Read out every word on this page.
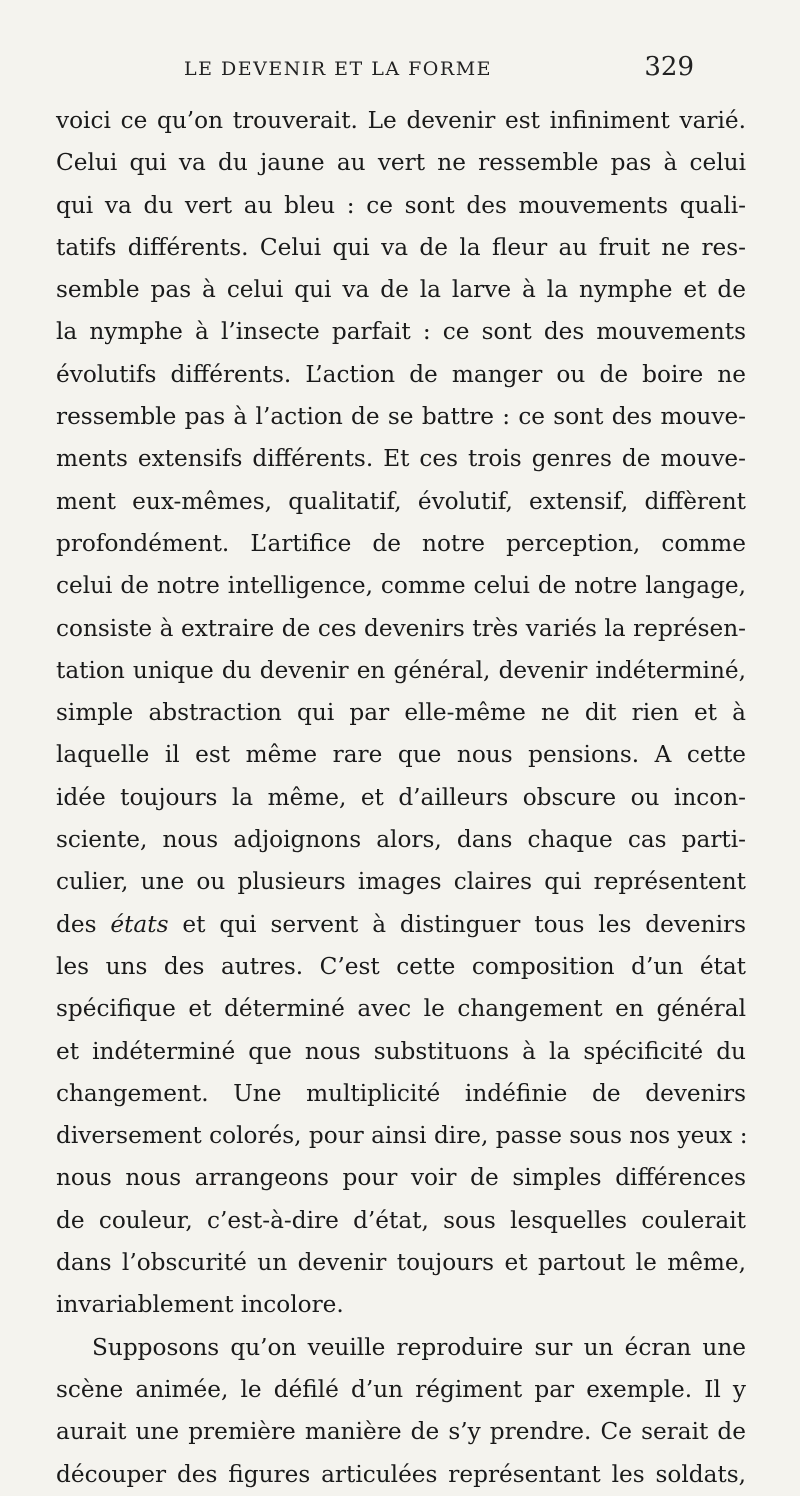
LE DEVENIR ET LA FORME	329
voici ce qu’on trouverait. Le devenir est infiniment varié.
Celui qui va du jaune au vert ne ressemble pas à celui
qui va du vert au bleu : ce sont des mouvements quali-
tatifs différents. Celui qui va de la fleur au fruit ne res-
semble pas à celui qui va de la larve à la nymphe et de
la nymphe à l’insecte parfait : ce sont des mouvements
évolutifs différents. L’action de manger ou de boire ne
ressemble pas à l’action de se battre : ce sont des mouve-
ments extensifs différents. Et ces trois genres de mouve-
ment eux-mêmes, qualitatif, évolutif, extensif, diffèrent
profondément. L’artifice de notre perception, comme
celui de notre intelligence, comme celui de notre langage,
consiste à extraire de ces devenirs très variés la représen-
tation unique du devenir en général, devenir indéterminé,
simple abstraction qui par elle-même ne dit rien et à
laquelle il est même rare que nous pensions. A cette
idée toujours la même, et d’ailleurs obscure ou incon-
sciente, nous adjoignons alors, dans chaque cas parti-
culier, une ou plusieurs images claires qui représentent
des états et qui servent à distinguer tous les devenirs
les uns des autres. C’est cette composition d’un état
spécifique et déterminé avec le changement en général
et indéterminé que nous substituons à la spécificité du
changement. Une multiplicité indéfinie de devenirs
diversement colorés, pour ainsi dire, passe sous nos yeux :
nous nous arrangeons pour voir de simples différences
de couleur, c’est-à-dire d’état, sous lesquelles coulerait
dans l’obscurité un devenir toujours et partout le même,
invariablement incolore.
Supposons qu’on veuille reproduire sur un écran une
scène animée, le défilé d’un régiment par exemple. Il y
aurait une première manière de s’y prendre. Ce serait de
découper des figures articulées représentant les soldats,
